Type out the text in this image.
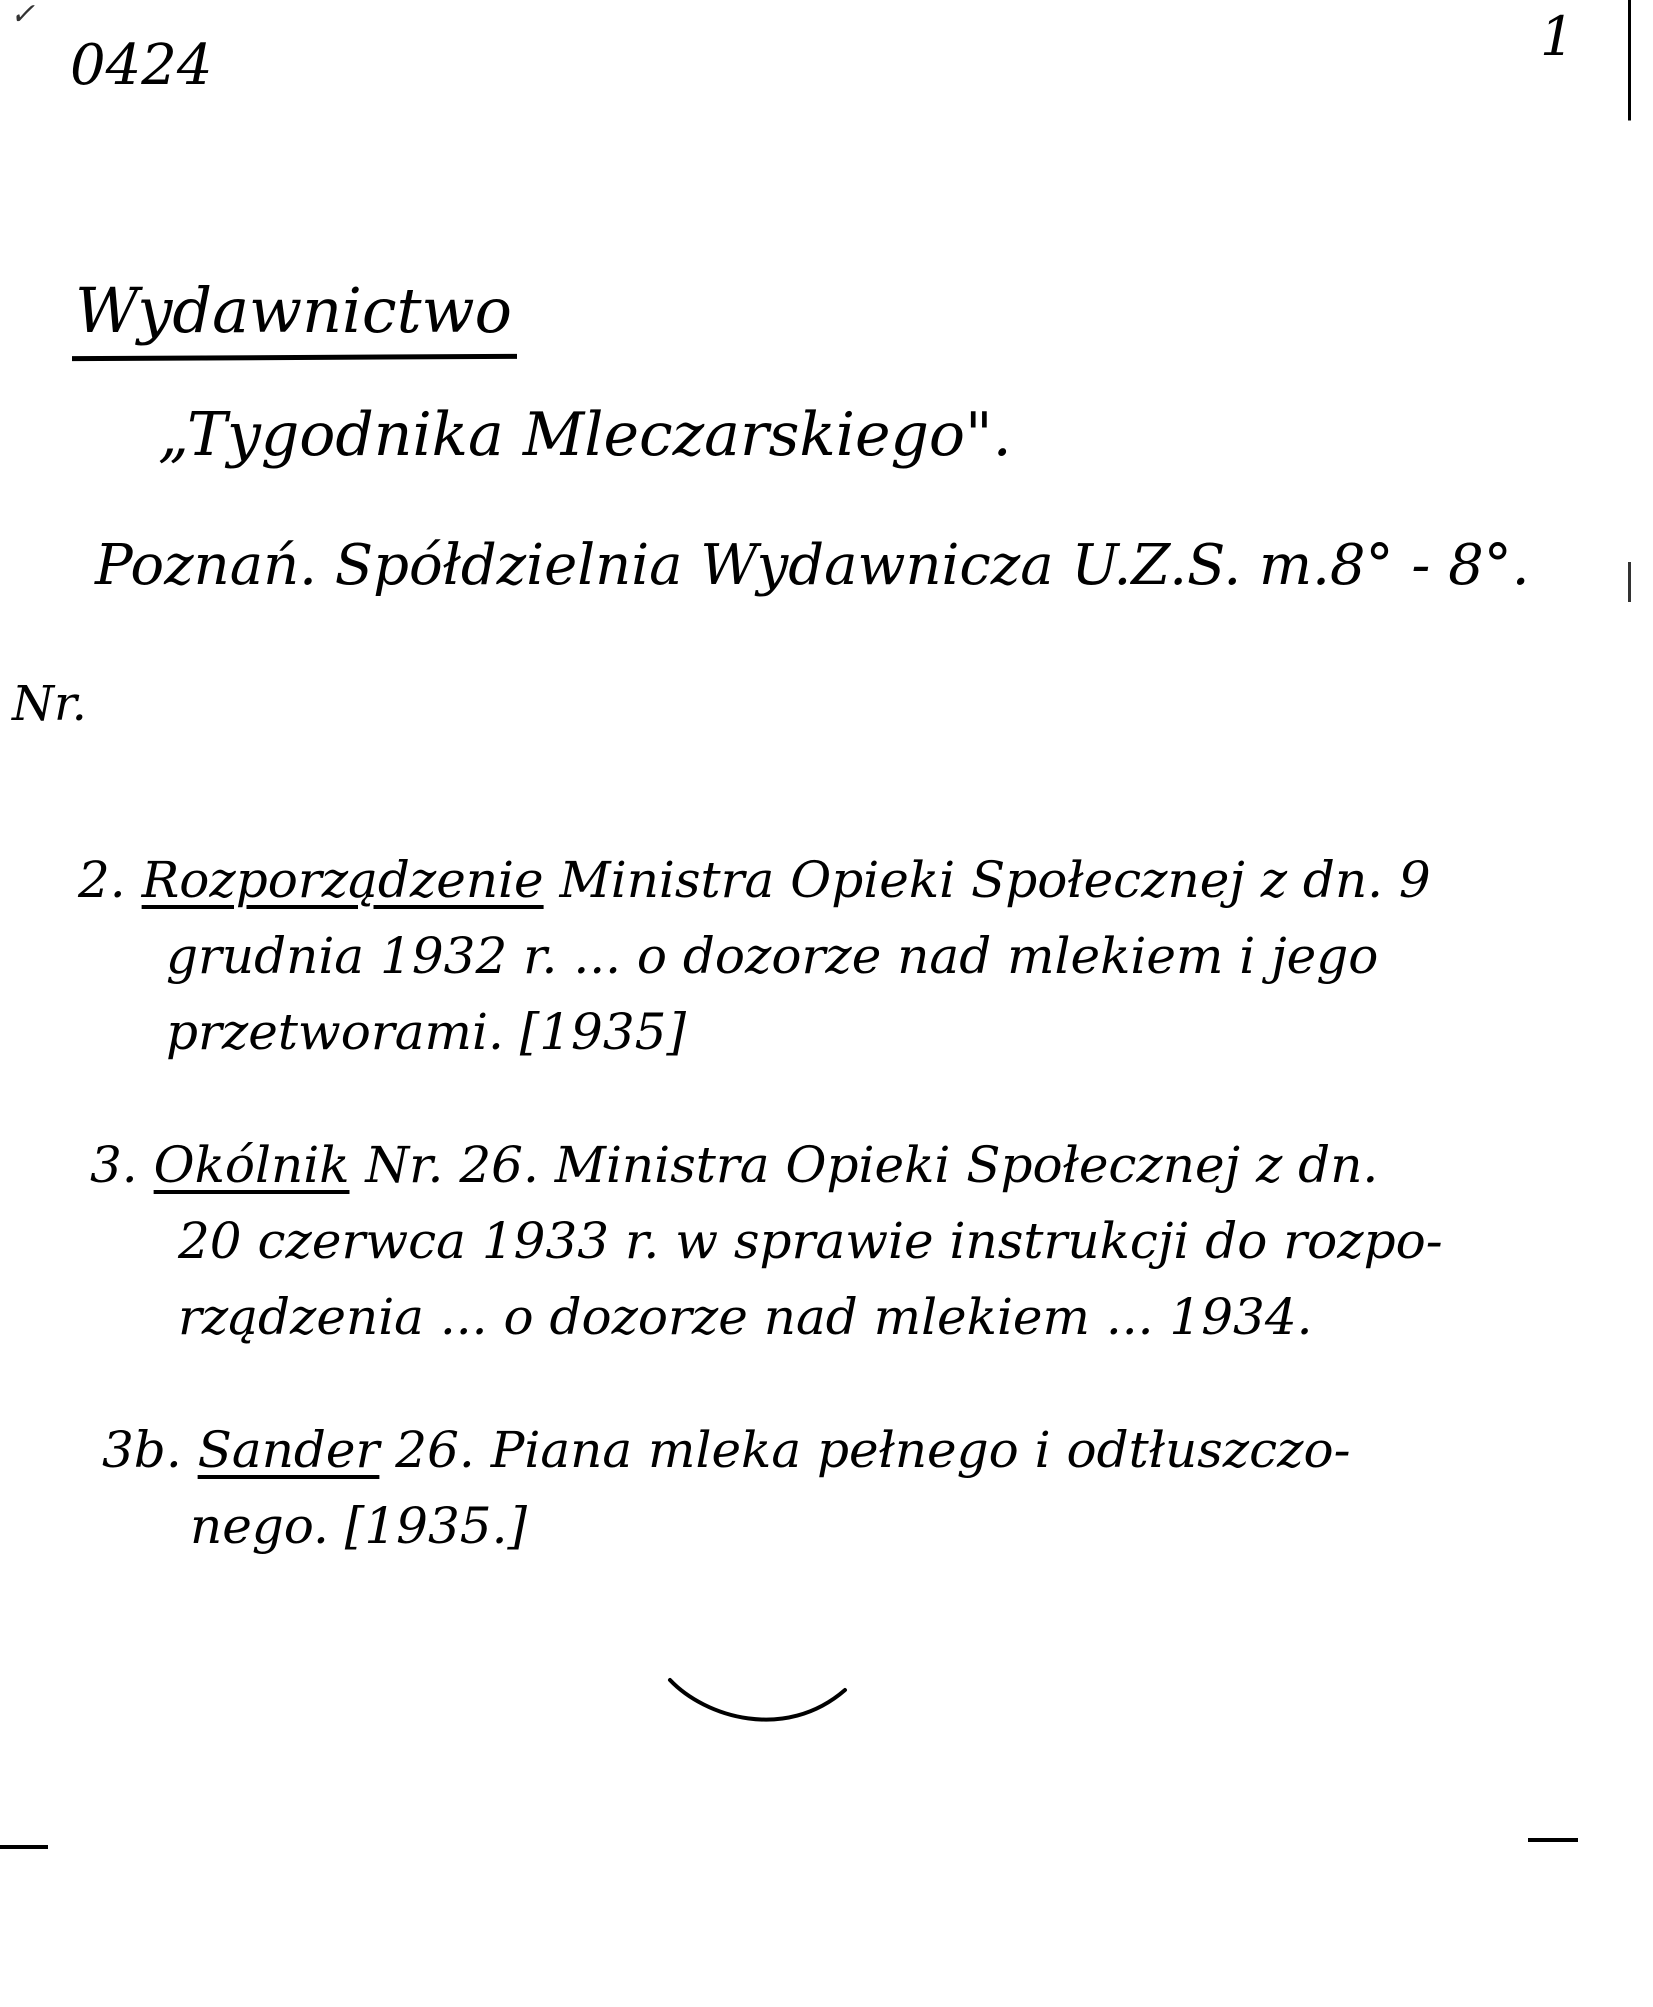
✓
0424	1
Wydawnictwo
„Tygodnika Mleczarskiego".
Poznań. Spółdzielnia Wydawnicza U.Z.S. m.8° - 8°.
Nr.
2. Rozporządzenie Ministra Opieki Społecznej z dn. 9
grudnia 1932 r. ... o dozorze nad mlekiem i jego
przetworami. [1935]
3. Okólnik Nr. 26. Ministra Opieki Społecznej z dn.
20 czerwca 1933 r. w sprawie instrukcji do rozpo-
rządzenia ... o dozorze nad mlekiem ... 1934.
3b. Sander 26. Piana mleka pełnego i odtłuszczo-
nego. [1935.]
